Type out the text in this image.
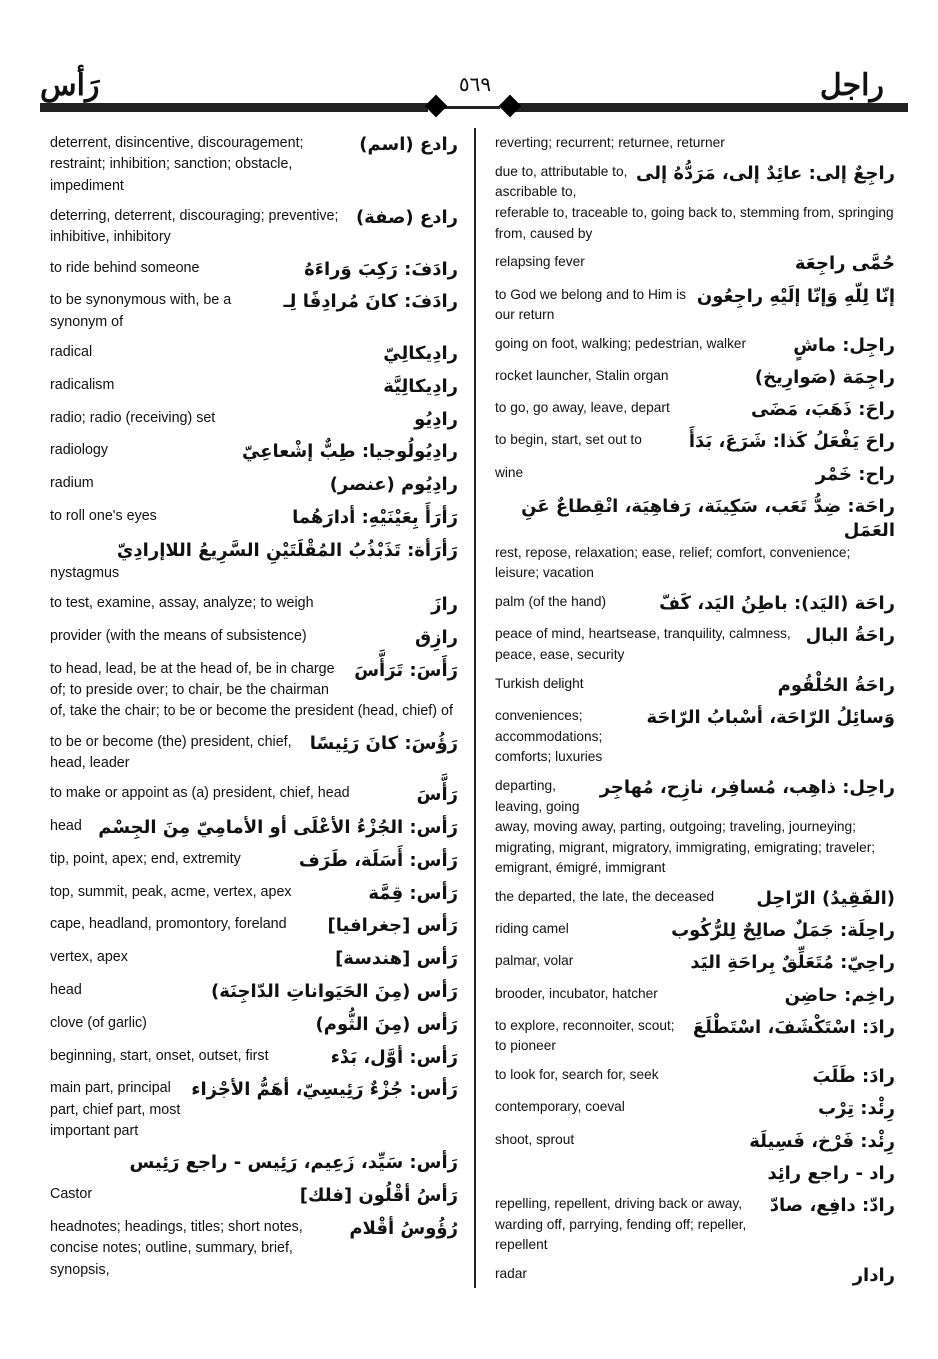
رَأس	٥٦٩	راجل
رادع (اسم)
deterrent, disincentive, discouragement; restraint; inhibition; sanction; obstacle, impediment
رادع (صفة)
deterring, deterrent, discouraging; preventive; inhibitive, inhibitory
رادَفَ: رَكِبَ وَراءَهُ
to ride behind someone
رادَفَ: كانَ مُرادِفًا لِـ
to be synonymous with, be a synonym of
رادِيكالِيّ
radical
رادِيكالِيَّة
radicalism
رادِيُو
radio; radio (receiving) set
رادِيُولُوجيا: طِبٌّ إشْعاعِيّ
radiology
رادِيُوم (عنصر)
radium
رَأرَأَ بِعَيْنَيْهِ: أدارَهُما
to roll one's eyes
رَأرَأة: تَذَبْذُبُ المُقْلَتَيْنِ السَّرِيعُ اللاإرادِيّ
nystagmus
رازَ
to test, examine, assay, analyze; to weigh
رازِق
provider (with the means of subsistence)
رَأَسَ: تَرَأَّسَ
to head, lead, be at the head of, be in charge of; to preside over; to chair, be the chairman of, take the chair; to be or become the president (head, chief) of
رَؤُسَ: كانَ رَئِيسًا
to be or become (the) president, chief, head, leader
رَأَّسَ
to make or appoint as (a) president, chief, head
رَأس: الجُزْءُ الأعْلَى أو الأمامِيّ مِنَ الجِسْم
head
رَأس: أَسَلَة، طَرَف
tip, point, apex; end, extremity
رَأس: قِمَّة
top, summit, peak, acme, vertex, apex
رَأس [جغرافيا]
cape, headland, promontory, foreland
رَأس [هندسة]
vertex, apex
رَأس (مِنَ الحَيَواناتِ الدّاجِنَة)
head
رَأس (مِنَ الثُّوم)
clove (of garlic)
رَأس: أوَّل، بَدْء
beginning, start, onset, outset, first
رَأس: جُزْءٌ رَئِيسِيّ، أهَمُّ الأجْزاء
main part, principal part, chief part, most important part
رَأس: سَيِّد، زَعِيم، رَئِيس - راجع رَئِيس
رَأسُ أقْلُون [فلك]
Castor
رُؤُوسُ أقْلام
headnotes; headings, titles; short notes, concise notes; outline, summary, brief, synopsis,
reverting; recurrent; returnee, returner
راجِعٌ إلى: عائِدٌ إلى، مَرَدُّهُ إلى
due to, attributable to, ascribable to, referable to, traceable to, going back to, stemming from, springing from, caused by
حُمَّى راجِعَة
relapsing fever
إنّا لِلّهِ وَإنّا إلَيْهِ راجِعُون
to God we belong and to Him is our return
راجِل: ماشٍ
going on foot, walking; pedestrian, walker
راجِمَة (صَوارِيخ)
rocket launcher, Stalin organ
راحَ: ذَهَبَ، مَضَى
to go, go away, leave, depart
راحَ يَفْعَلُ كَذا: شَرَعَ، بَدَأَ
to begin, start, set out to
راح: خَمْر
wine
راحَة: ضِدُّ تَعَب، سَكِينَة، رَفاهِيَة، انْقِطاعٌ عَنِ العَمَل
rest, repose, relaxation; ease, relief; comfort, convenience; leisure; vacation
راحَة (اليَد): باطِنُ اليَد، كَفّ
palm (of the hand)
راحَةُ البال
peace of mind, heartsease, tranquility, calmness, peace, ease, security
راحَةُ الحُلْقُوم
Turkish delight
وَسائِلُ الرّاحَة، أسْبابُ الرّاحَة
conveniences; accommodations; comforts; luxuries
راحِل: ذاهِب، مُسافِر، نازِح، مُهاجِر
departing, leaving, going away, moving away, parting, outgoing; traveling, journeying; migrating, migrant, migratory, immigrating, emigrating; traveler; emigrant, émigré, immigrant
(الفَقِيدُ) الرّاحِل
the departed, the late, the deceased
راحِلَة: جَمَلٌ صالِحٌ لِلرُّكُوب
riding camel
راحِيّ: مُتَعَلِّقٌ بِراحَةِ اليَد
palmar, volar
راخِم: حاضِن
brooder, incubator, hatcher
رادَ: اسْتَكْشَفَ، اسْتَطْلَعَ
to explore, reconnoiter, scout; to pioneer
رادَ: طَلَبَ
to look for, search for, seek
رِئْد: تِرْب
contemporary, coeval
رِئْد: فَرْخ، فَسِيلَة
shoot, sprout
راد - راجع رائِد
رادّ: دافِع، صادّ
repelling, repellent, driving back or away, warding off, parrying, fending off; repeller, repellent
رادار
radar
